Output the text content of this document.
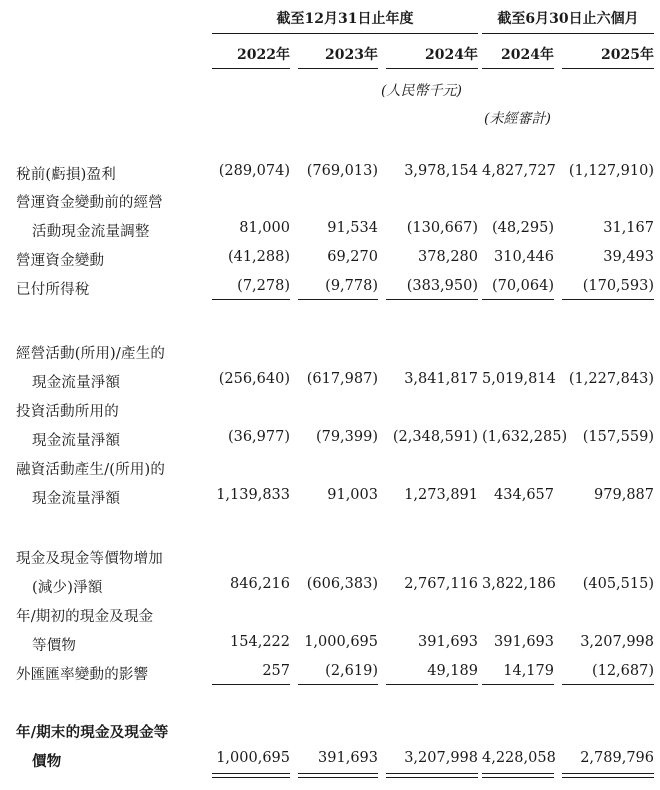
截至12月31日止年度	截至6月30日止六個月
2022年	2023年	2024年	2024年	2025年
(人民幣千元)
(未經審計)
稅前(虧損)盈利	(289,074)	(769,013)	3,978,154 4,827,727 (1,127,910)
營運資金變動前的經營
活動現金流量調整	81,000	91,534	(130,667) (48,295)	31,167
營運資金變動	(41,288)	69,270	378,280	310,446	39,493
已付所得稅	(7,278)	(9,778)	(383,950) (70,064)	(170,593)
經營活動(所用)/產生的
現金流量淨額	(256,640)	(617,987)	3,841,817 5,019,814 (1,227,843)
投資活動所用的
現金流量淨額	(36,977)	(79,399)	(2,348,591) (1,632,285)	(157,559)
融資活動產生/(所用)的
現金流量淨額	1,139,833	91,003	1,273,891	434,657	979,887
現金及現金等價物增加
(減少)淨額	846,216	(606,383)	2,767,116 3,822,186	(405,515)
年/期初的現金及現金
等價物	154,222 1,000,695	391,693	391,693	3,207,998
外匯匯率變動的影響	257	(2,619)	49,189	14,179	(12,687)
年/期末的現金及現金等
價物	1,000,695	391,693	3,207,998 4,228,058	2,789,796
